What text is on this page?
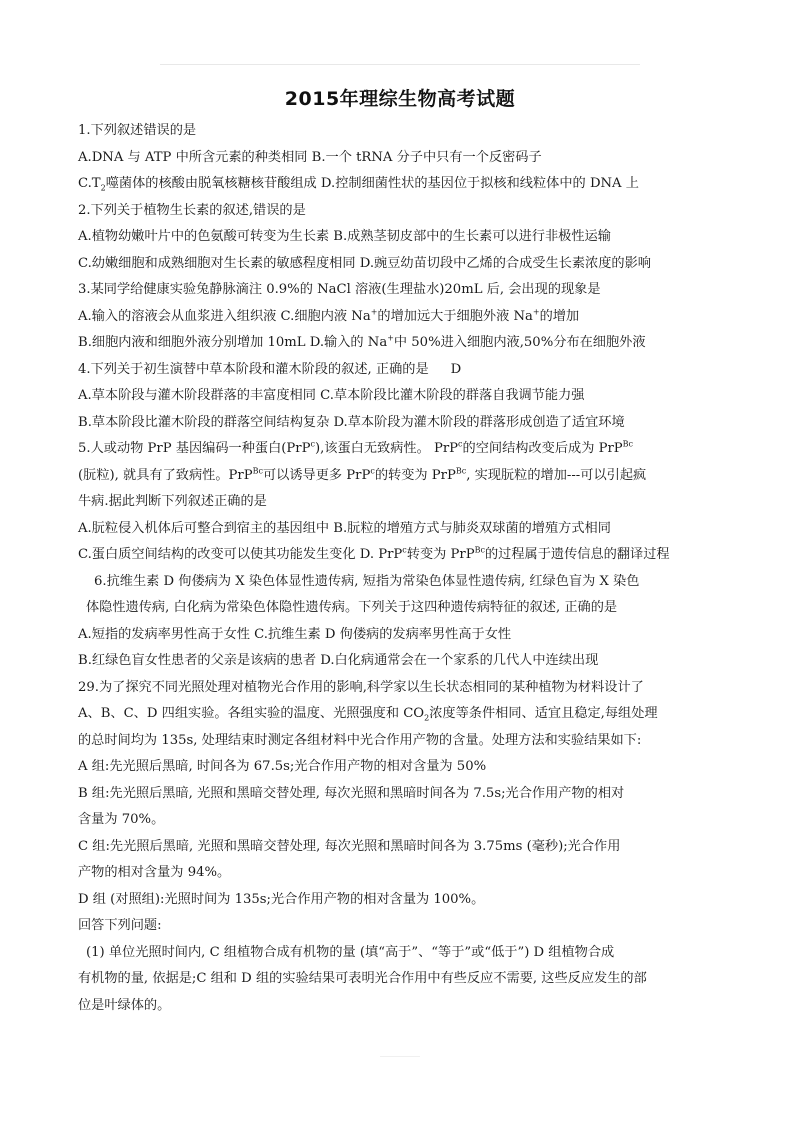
2015年理综生物高考试题
1.下列叙述错误的是
A.DNA 与 ATP 中所含元素的种类相同 B.一个 tRNA 分子中只有一个反密码子
$C.T_2$噬菌体的核酸由脱氧核糖核苷酸组成 D.控制细菌性状的基因位于拟核和线粒体中的 DNA 上
2.下列关于植物生长素的叙述,错误的是
A.植物幼嫩叶片中的色氨酸可转变为生长素 B.成熟茎韧皮部中的生长素可以进行非极性运输
C.幼嫩细胞和成熟细胞对生长素的敏感程度相同 D.豌豆幼苗切段中乙烯的合成受生长素浓度的影响
3.某同学给健康实验兔静脉滴注 0.9%的 NaCl 溶液(生理盐水)20mL 后, 会出现的现象是
A.输入的溶液会从血浆进入组织液 C.细胞内液 Na+的增加远大于细胞外液 Na+的增加
B.细胞内液和细胞外液分别增加 10mL D.输入的 Na+中 50%进入细胞内液,50%分布在细胞外液
4.下列关于初生演替中草本阶段和灌木阶段的叙述, 正确的是 D
A.草本阶段与灌木阶段群落的丰富度相同 C.草本阶段比灌木阶段的群落自我调节能力强
B.草本阶段比灌木阶段的群落空间结构复杂 D.草本阶段为灌木阶段的群落形成创造了适宜环境
5.人或动物 PrP 基因编码一种蛋白(PrP$^c$),该蛋白无致病性。 PrP$^c$的空间结构改变后成为 PrP$^{Bc}$
(朊粒), 就具有了致病性。PrP$^{Bc}$可以诱导更多 PrP$^c$的转变为 PrP$^{Bc}$, 实现朊粒的增加---可以引起疯
牛病.据此判断下列叙述正确的是
A.朊粒侵入机体后可整合到宿主的基因组中 B.朊粒的增殖方式与肺炎双球菌的增殖方式相同
C.蛋白质空间结构的改变可以使其功能发生变化 D. PrP$^c$转变为 PrP$^{Bc}$的过程属于遗传信息的翻译过程
6.抗维生素 D 佝偻病为 X 染色体显性遗传病, 短指为常染色体显性遗传病, 红绿色盲为 X 染色
体隐性遗传病, 白化病为常染色体隐性遗传病。下列关于这四种遗传病特征的叙述, 正确的是
A.短指的发病率男性高于女性 C.抗维生素 D 佝偻病的发病率男性高于女性
B.红绿色盲女性患者的父亲是该病的患者 D.白化病通常会在一个家系的几代人中连续出现
29.为了探究不同光照处理对植物光合作用的影响,科学家以生长状态相同的某种植物为材料设计了
A、B、C、D 四组实验。各组实验的温度、光照强度和 $CO_2$浓度等条件相同、适宜且稳定,每组处理
的总时间均为 135s, 处理结束时测定各组材料中光合作用产物的含量。处理方法和实验结果如下:
A 组:先光照后黑暗, 时间各为 67.5s;光合作用产物的相对含量为 50%
B 组:先光照后黑暗, 光照和黑暗交替处理, 每次光照和黑暗时间各为 7.5s;光合作用产物的相对
含量为 70%。
C 组:先光照后黑暗, 光照和黑暗交替处理, 每次光照和黑暗时间各为 3.75ms (毫秒);光合作用
产物的相对含量为 94%。
D 组 (对照组):光照时间为 135s;光合作用产物的相对含量为 100%。
回答下列问题:
(1) 单位光照时间内, C 组植物合成有机物的量 (填“高于”、“等于”或“低于”) D 组植物合成
有机物的量, 依据是;C 组和 D 组的实验结果可表明光合作用中有些反应不需要, 这些反应发生的部
位是叶绿体的。
